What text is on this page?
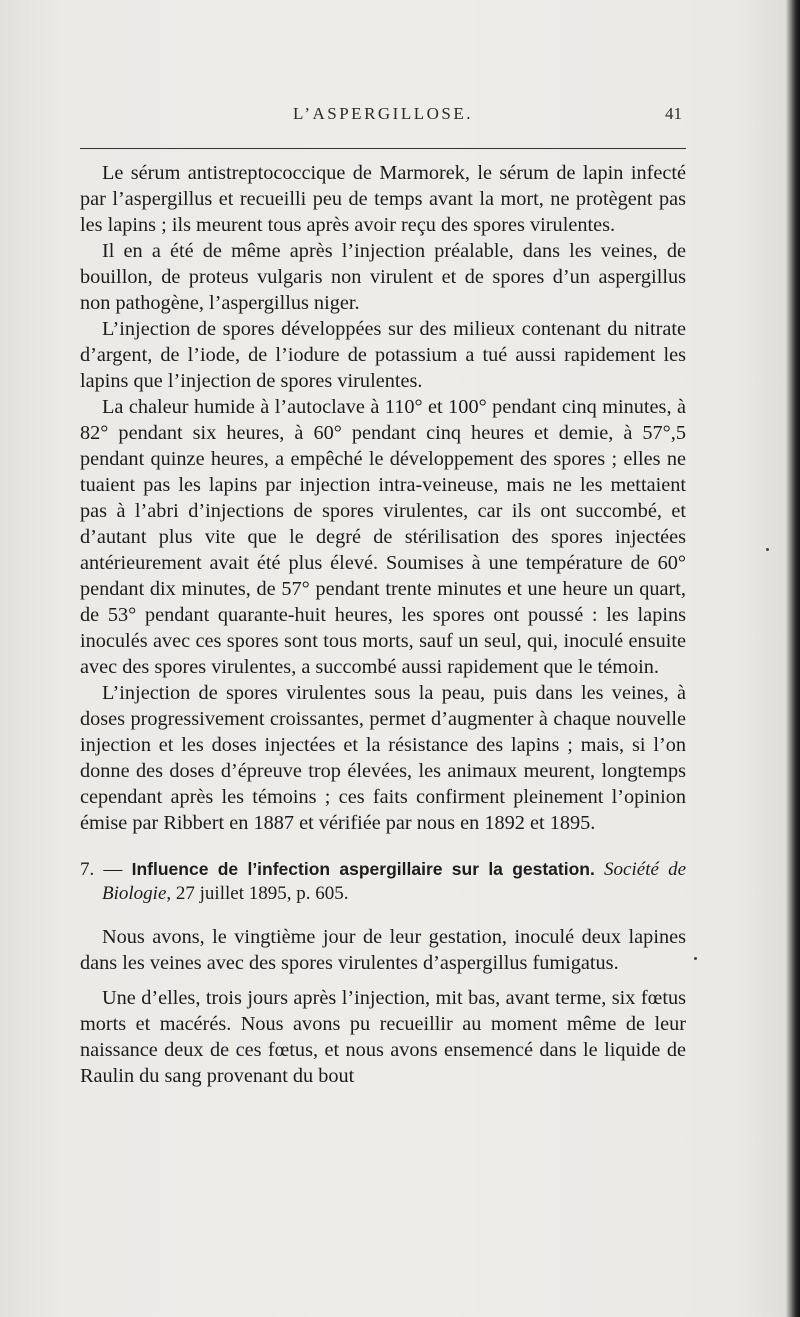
L’ASPERGILLOSE.	41

Le sérum antistreptococcique de Marmorek, le sérum de lapin infecté par l’aspergillus et recueilli peu de temps avant la mort, ne protègent pas les lapins ; ils meurent tous après avoir reçu des spores virulentes.

Il en a été de même après l’injection préalable, dans les veines, de bouillon, de proteus vulgaris non virulent et de spores d’un aspergillus non pathogène, l’aspergillus niger.

L’injection de spores développées sur des milieux contenant du nitrate d’argent, de l’iode, de l’iodure de potassium a tué aussi rapidement les lapins que l’injection de spores virulentes.

La chaleur humide à l’autoclave à 110° et 100° pendant cinq minutes, à 82° pendant six heures, à 60° pendant cinq heures et demie, à 57°,5 pendant quinze heures, a empêché le développement des spores ; elles ne tuaient pas les lapins par injection intra-veineuse, mais ne les mettaient pas à l’abri d’injections de spores virulentes, car ils ont succombé, et d’autant plus vite que le degré de stérilisation des spores injectées antérieurement avait été plus élevé. Soumises à une température de 60° pendant dix minutes, de 57° pendant trente minutes et une heure un quart, de 53° pendant quarante-huit heures, les spores ont poussé : les lapins inoculés avec ces spores sont tous morts, sauf un seul, qui, inoculé ensuite avec des spores virulentes, a succombé aussi rapidement que le témoin.

L’injection de spores virulentes sous la peau, puis dans les veines, à doses progressivement croissantes, permet d’augmenter à chaque nouvelle injection et les doses injectées et la résistance des lapins ; mais, si l’on donne des doses d’épreuve trop élevées, les animaux meurent, longtemps cependant après les témoins ; ces faits confirment pleinement l’opinion émise par Ribbert en 1887 et vérifiée par nous en 1892 et 1895.

7. — Influence de l’infection aspergillaire sur la gestation. Société de Biologie, 27 juillet 1895, p. 605.

Nous avons, le vingtième jour de leur gestation, inoculé deux lapines dans les veines avec des spores virulentes d’aspergillus fumigatus.

Une d’elles, trois jours après l’injection, mit bas, avant terme, six fœtus morts et macérés. Nous avons pu recueillir au moment même de leur naissance deux de ces fœtus, et nous avons ensemencé dans le liquide de Raulin du sang provenant du bout
